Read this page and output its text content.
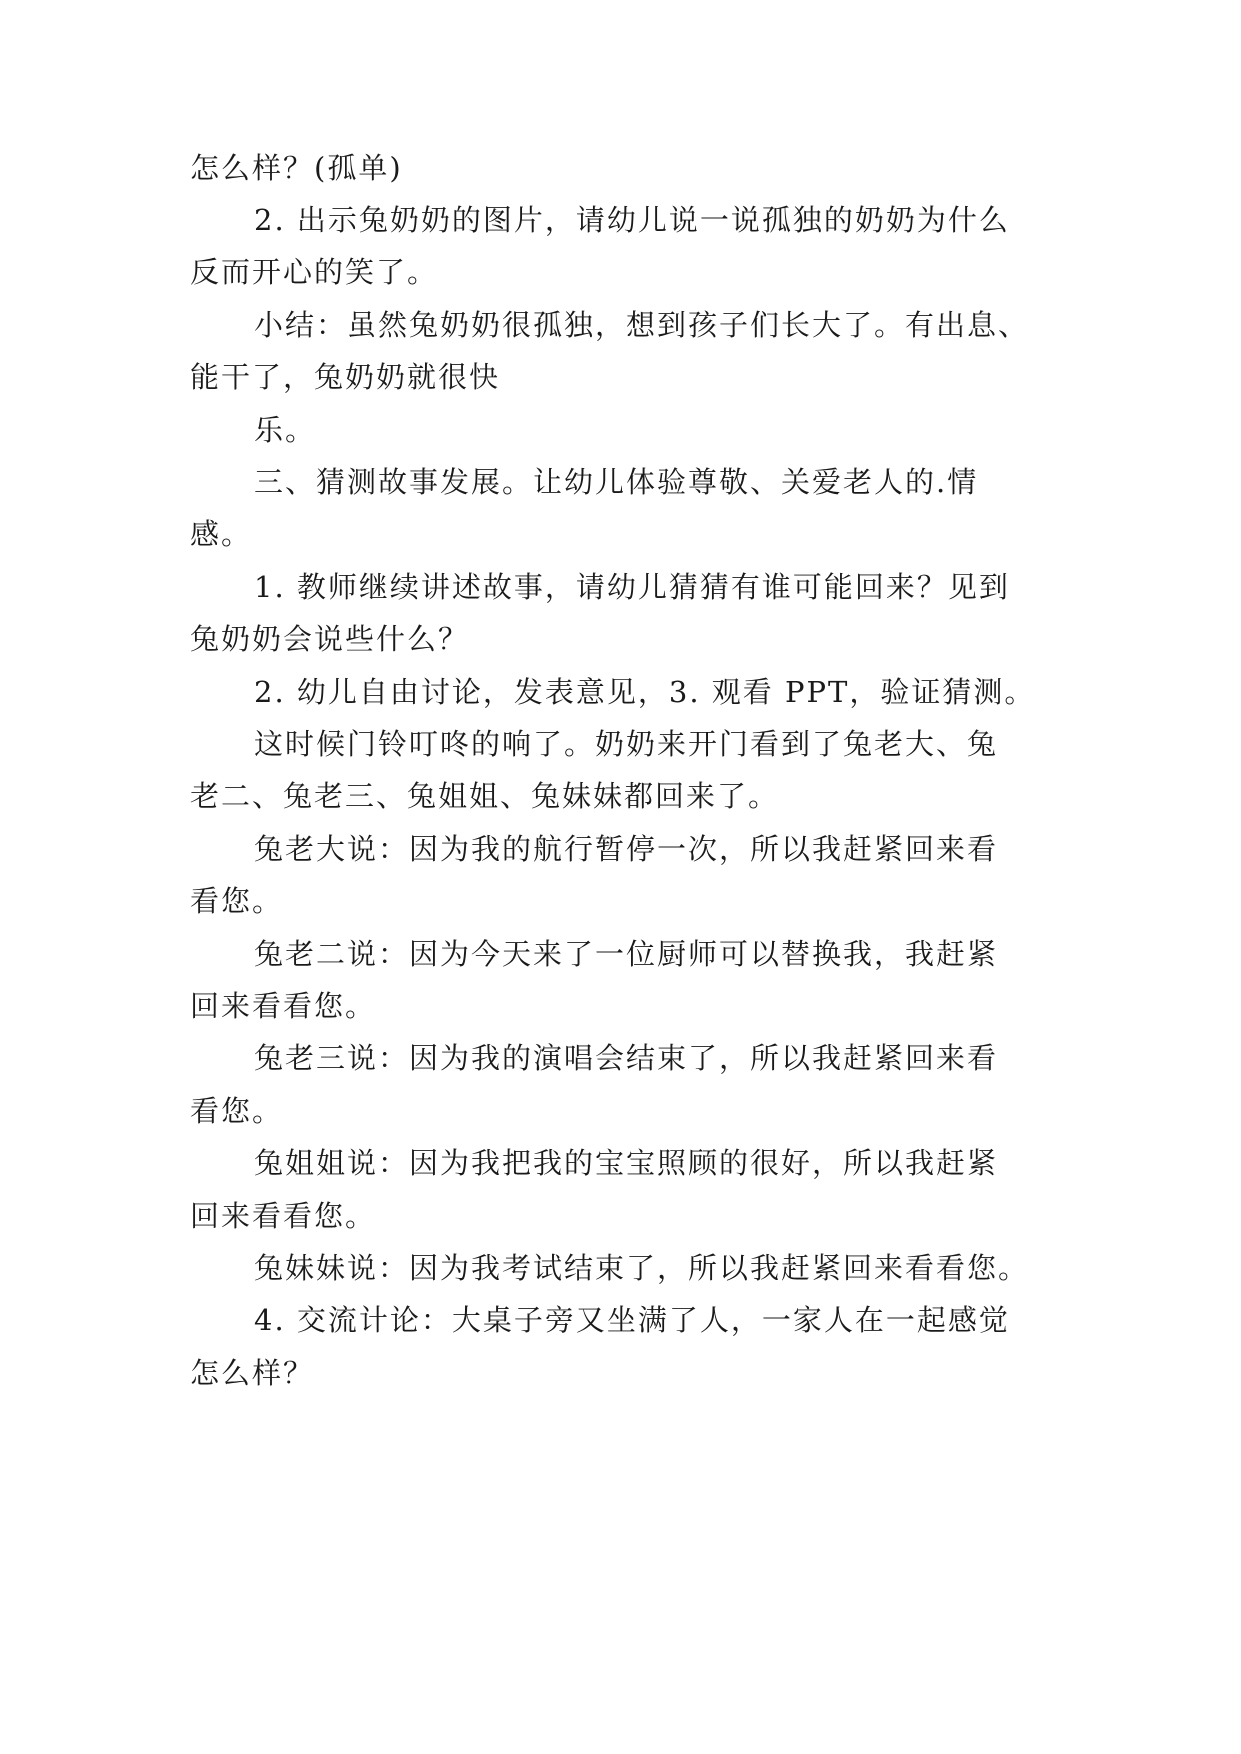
怎么样？(孤单)
2. 出示兔奶奶的图片，请幼儿说一说孤独的奶奶为什么
反而开心的笑了。
小结：虽然兔奶奶很孤独，想到孩子们长大了。有出息、
能干了，兔奶奶就很快
乐。
三、猜测故事发展。让幼儿体验尊敬、关爱老人的.情
感。
1. 教师继续讲述故事，请幼儿猜猜有谁可能回来？见到
兔奶奶会说些什么？
2. 幼儿自由讨论，发表意见，3. 观看 PPT，验证猜测。
这时候门铃叮咚的响了。奶奶来开门看到了兔老大、兔
老二、兔老三、兔姐姐、兔妹妹都回来了。
兔老大说：因为我的航行暂停一次，所以我赶紧回来看
看您。
兔老二说：因为今天来了一位厨师可以替换我，我赶紧
回来看看您。
兔老三说：因为我的演唱会结束了，所以我赶紧回来看
看您。
兔姐姐说：因为我把我的宝宝照顾的很好，所以我赶紧
回来看看您。
兔妹妹说：因为我考试结束了，所以我赶紧回来看看您。
4. 交流计论：大桌子旁又坐满了人，一家人在一起感觉
怎么样？
